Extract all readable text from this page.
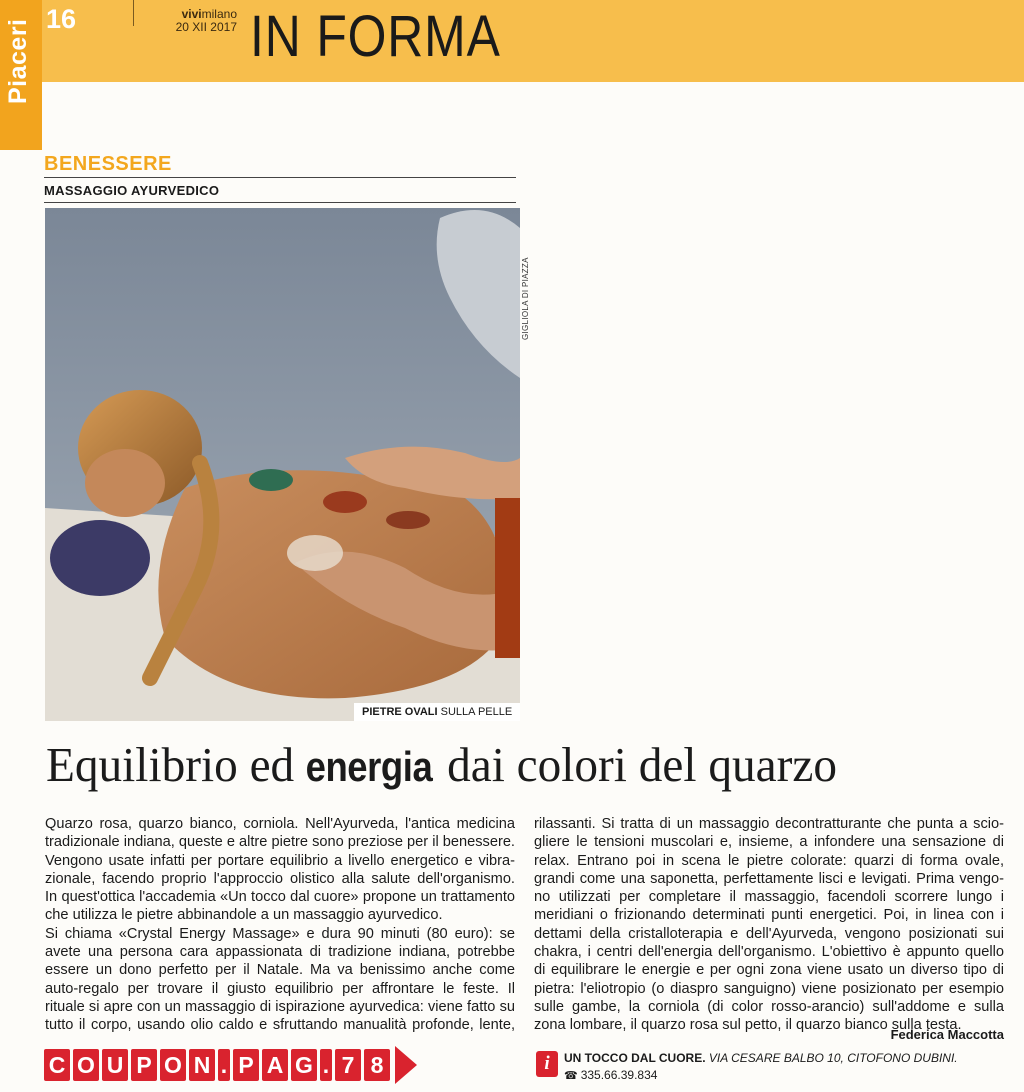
Piaceri 16	vivimilano
20 XII 2017 IN FORMA
BENESSERE
MASSAGGIO AYURVEDICO
GIGLIOLA DI PIAZZA
PIETRE OVALI SULLA PELLE
Equilibrio ed energia dai colori del quarzo

Quarzo rosa, quarzo bianco, corniola. Nell'Ayurveda, l'antica medicina

tradizionale indiana, queste e altre pietre sono preziose per il benessere.

Vengono usate infatti per portare equilibrio a livello energetico e vibra-

zionale, facendo proprio l'approccio olistico alla salute dell'organismo.

In quest'ottica l'accademia «Un tocco dal cuore» propone un trattamento

che utilizza le pietre abbinandole a un massaggio ayurvedico.

Si chiama «Crystal Energy Massage» e dura 90 minuti (80 euro): se

avete una persona cara appassionata di tradizione indiana, potrebbe

essere un dono perfetto per il Natale. Ma va benissimo anche come

auto-regalo per trovare il giusto equilibrio per affrontare le feste. Il

rituale si apre con un massaggio di ispirazione ayurvedica: viene fatto su

tutto il corpo, usando olio caldo e sfruttando manualità profonde, lente,

rilassanti. Si tratta di un massaggio decontratturante che punta a scio-

gliere le tensioni muscolari e, insieme, a infondere una sensazione di

relax. Entrano poi in scena le pietre colorate: quarzi di forma ovale,

grandi come una saponetta, perfettamente lisci e levigati. Prima vengo-

no utilizzati per completare il massaggio, facendoli scorrere lungo i

meridiani o frizionando determinati punti energetici. Poi, in linea con i

dettami della cristalloterapia e dell'Ayurveda, vengono posizionati sui

chakra, i centri dell'energia dell'organismo. L'obiettivo è appunto quello

di equilibrare le energie e per ogni zona viene usato un diverso tipo di

pietra: l'eliotropio (o diaspro sanguigno) viene posizionato per esempio

sulle gambe, la corniola (di color rosso-arancio) sull'addome e sulla

zona lombare, il quarzo rosa sul petto, il quarzo bianco sulla testa.

Federica Maccotta
C O U P O N . P A G . 7 8	i	UN TOCCO DAL CUORE. VIA CESARE BALBO 10, CITOFONO DUBINI.
☎ 335.66.39.834
